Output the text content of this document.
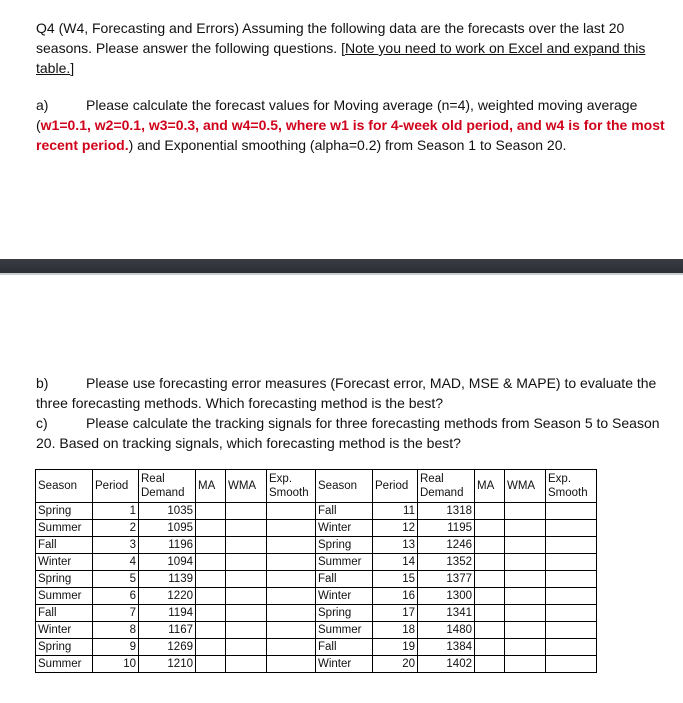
Q4 (W4, Forecasting and Errors) Assuming the following data are the forecasts over the last 20 seasons. Please answer the following questions. [Note you need to work on Excel and expand this table.]
a)	Please calculate the forecast values for Moving average (n=4), weighted moving average (w1=0.1, w2=0.1, w3=0.3, and w4=0.5, where w1 is for 4-week old period, and w4 is for the most recent period.) and Exponential smoothing (alpha=0.2) from Season 1 to Season 20.
b)	Please use forecasting error measures (Forecast error, MAD, MSE & MAPE) to evaluate the three forecasting methods. Which forecasting method is the best?
c)	Please calculate the tracking signals for three forecasting methods from Season 5 to Season 20. Based on tracking signals, which forecasting method is the best?
Season	Period	Real Demand	MA	WMA	Exp. Smooth	Season	Period	Real Demand	MA	WMA	Exp. Smooth
Spring	1	1035				Fall	11	1318			
Summer	2	1095				Winter	12	1195			
Fall	3	1196				Spring	13	1246			
Winter	4	1094				Summer	14	1352			
Spring	5	1139				Fall	15	1377			
Summer	6	1220				Winter	16	1300			
Fall	7	1194				Spring	17	1341			
Winter	8	1167				Summer	18	1480			
Spring	9	1269				Fall	19	1384			
Summer	10	1210				Winter	20	1402			
